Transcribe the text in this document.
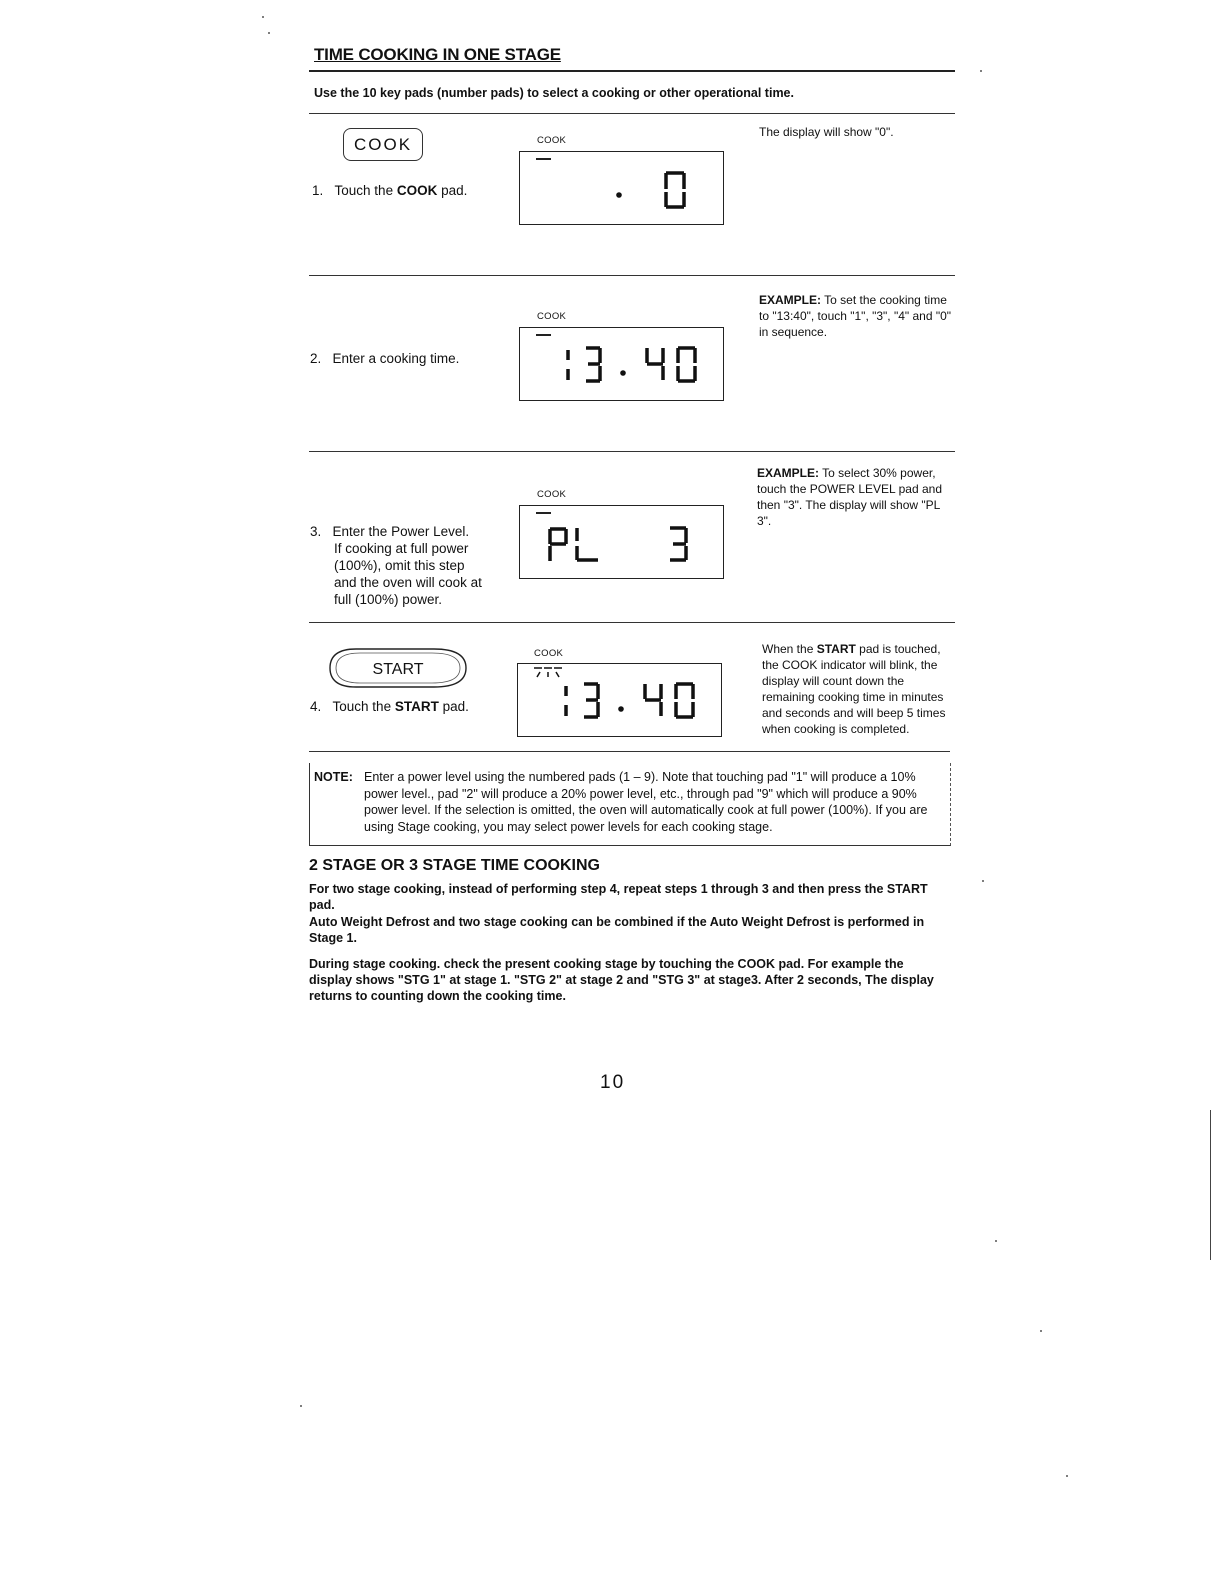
TIME COOKING IN ONE STAGE
Use the 10 key pads (number pads) to select a cooking or other operational time.
COOK
1. Touch the COOK pad.
COOK
The display will show "0".
2. Enter a cooking time.
COOK
EXAMPLE: To set the cooking time to "13:40", touch "1", "3", "4" and "0" in sequence.
3. Enter the Power Level.
If cooking at full power
(100%), omit this step
and the oven will cook at
full (100%) power.
COOK
EXAMPLE: To select 30% power, touch the POWER LEVEL pad and then "3". The display will show "PL 3".
START
4. Touch the START pad.
COOK	When the START pad is touched, the COOK indicator will blink, the display will count down the remaining cooking time in minutes and seconds and will beep 5 times when cooking is completed.
NOTE: Enter a power level using the numbered pads (1 – 9). Note that touching pad "1" will produce a 10% power level., pad "2" will produce a 20% power level, etc., through pad "9" which will produce a 90% power level. If the selection is omitted, the oven will automatically cook at full power (100%). If you are using Stage cooking, you may select power levels for each cooking stage.
2 STAGE OR 3 STAGE TIME COOKING
For two stage cooking, instead of performing step 4, repeat steps 1 through 3 and then press the START pad.
Auto Weight Defrost and two stage cooking can be combined if the Auto Weight Defrost is performed in Stage 1.
During stage cooking. check the present cooking stage by touching the COOK pad. For example the display shows "STG 1" at stage 1. "STG 2" at stage 2 and "STG 3" at stage3. After 2 seconds, The display returns to counting down the cooking time.
10
